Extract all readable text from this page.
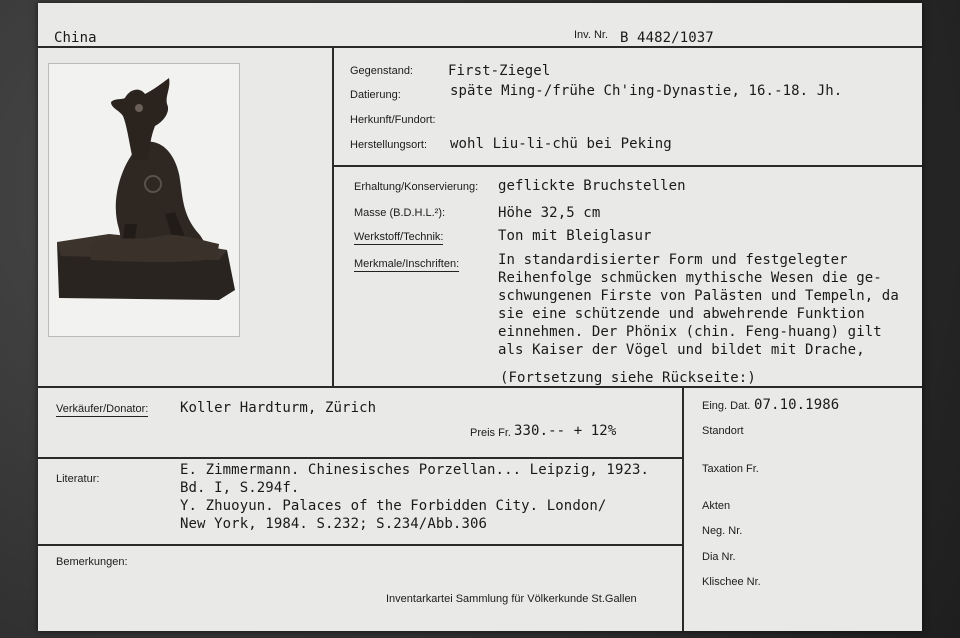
China	Inv. Nr. B 4482/1037
Gegenstand:	First-Ziegel
Datierung:	späte Ming-/frühe Ch'ing-Dynastie, 16.-18. Jh.
Herkunft/Fundort:
Herstellungsort: wohl Liu-li-chü bei Peking
Erhaltung/Konservierung: geflickte Bruchstellen
Masse (B.D.H.L.²):	Höhe 32,5 cm
Werkstoff/Technik:	Ton mit Bleiglasur
Merkmale/Inschriften:	In standardisierter Form und festgelegter
Reihenfolge schmücken mythische Wesen die ge-
schwungenen Firste von Palästen und Tempeln, da
sie eine schützende und abwehrende Funktion
einnehmen. Der Phönix (chin. Feng-huang) gilt
als Kaiser der Vögel und bildet mit Drache,
(Fortsetzung siehe Rückseite:)
Verkäufer/Donator: Koller Hardturm, Zürich
Preis Fr. 330.-- + 12%
Eing. Dat. 07.10.1986
Standort
Taxation Fr.
Akten
Neg. Nr.
Dia Nr.
Klischee Nr.
Literatur:
E. Zimmermann. Chinesisches Porzellan... Leipzig, 1923.
Bd. I, S.294f.
Y. Zhuoyun. Palaces of the Forbidden City. London/
New York, 1984. S.232; S.234/Abb.306
Bemerkungen:
Inventarkartei Sammlung für Völkerkunde St.Gallen
